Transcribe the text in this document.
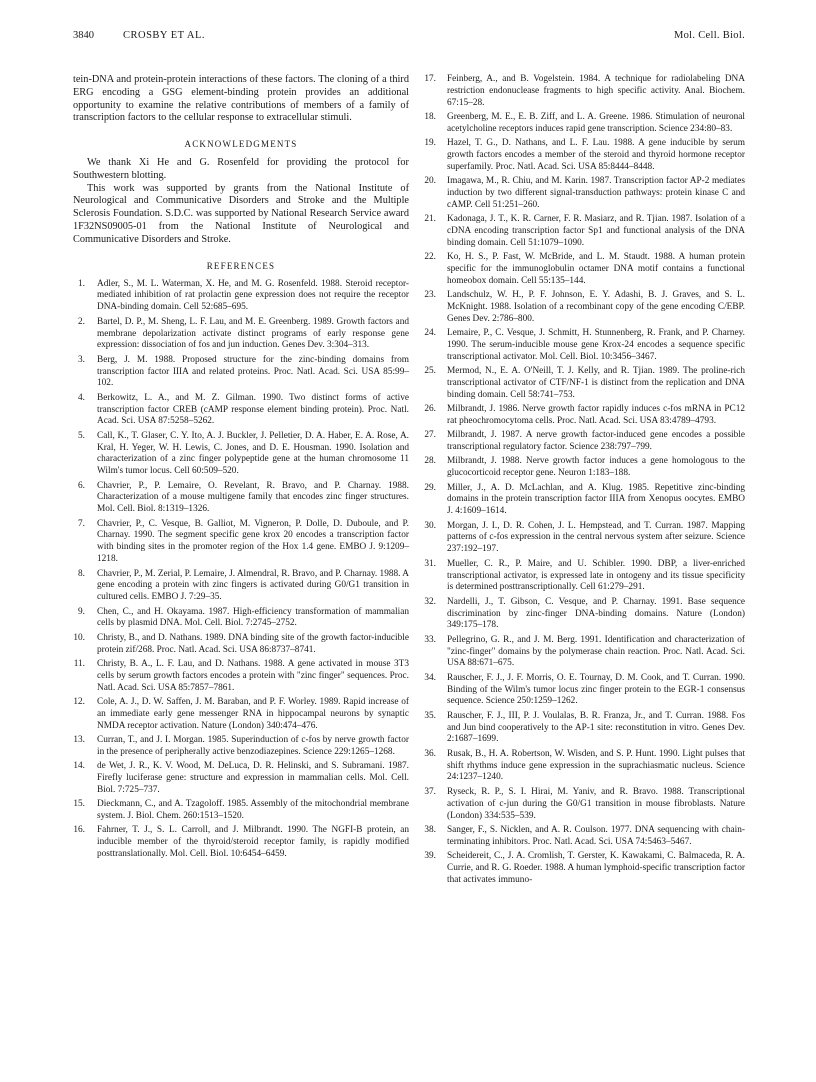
3840	CROSBY ET AL.	Mol. Cell. Biol.

tein-DNA and protein-protein interactions of these factors. The cloning of a third ERG encoding a GSG element-binding protein provides an additional opportunity to examine the relative contributions of members of a family of transcription factors to the cellular response to extracellular stimuli.

ACKNOWLEDGMENTS

We thank Xi He and G. Rosenfeld for providing the protocol for Southwestern blotting.

This work was supported by grants from the National Institute of Neurological and Communicative Disorders and Stroke and the Multiple Sclerosis Foundation. S.D.C. was supported by National Research Service award 1F32NS09005-01 from the National Institute of Neurological and Communicative Disorders and Stroke.

REFERENCES
1. Adler, S., M. L. Waterman, X. He, and M. G. Rosenfeld. 1988. Steroid receptor-mediated inhibition of rat prolactin gene expression does not require the receptor DNA-binding domain. Cell 52:685–695.
2. Bartel, D. P., M. Sheng, L. F. Lau, and M. E. Greenberg. 1989. Growth factors and membrane depolarization activate distinct programs of early response gene expression: dissociation of fos and jun induction. Genes Dev. 3:304–313.
3. Berg, J. M. 1988. Proposed structure for the zinc-binding domains from transcription factor IIIA and related proteins. Proc. Natl. Acad. Sci. USA 85:99–102.
4. Berkowitz, L. A., and M. Z. Gilman. 1990. Two distinct forms of active transcription factor CREB (cAMP response element binding protein). Proc. Natl. Acad. Sci. USA 87:5258–5262.
5. Call, K., T. Glaser, C. Y. Ito, A. J. Buckler, J. Pelletier, D. A. Haber, E. A. Rose, A. Kral, H. Yeger, W. H. Lewis, C. Jones, and D. E. Housman. 1990. Isolation and characterization of a zinc finger polypeptide gene at the human chromosome 11 Wilm's tumor locus. Cell 60:509–520.
6. Chavrier, P., P. Lemaire, O. Revelant, R. Bravo, and P. Charnay. 1988. Characterization of a mouse multigene family that encodes zinc finger structures. Mol. Cell. Biol. 8:1319–1326.
7. Chavrier, P., C. Vesque, B. Galliot, M. Vigneron, P. Dolle, D. Duboule, and P. Charnay. 1990. The segment specific gene krox 20 encodes a transcription factor with binding sites in the promoter region of the Hox 1.4 gene. EMBO J. 9:1209–1218.
8. Chavrier, P., M. Zerial, P. Lemaire, J. Almendral, R. Bravo, and P. Charnay. 1988. A gene encoding a protein with zinc fingers is activated during G0/G1 transition in cultured cells. EMBO J. 7:29–35.
9. Chen, C., and H. Okayama. 1987. High-efficiency transformation of mammalian cells by plasmid DNA. Mol. Cell. Biol. 7:2745–2752.
10. Christy, B., and D. Nathans. 1989. DNA binding site of the growth factor-inducible protein zif/268. Proc. Natl. Acad. Sci. USA 86:8737–8741.
11. Christy, B. A., L. F. Lau, and D. Nathans. 1988. A gene activated in mouse 3T3 cells by serum growth factors encodes a protein with "zinc finger" sequences. Proc. Natl. Acad. Sci. USA 85:7857–7861.
12. Cole, A. J., D. W. Saffen, J. M. Baraban, and P. F. Worley. 1989. Rapid increase of an immediate early gene messenger RNA in hippocampal neurons by synaptic NMDA receptor activation. Nature (London) 340:474–476.
13. Curran, T., and J. I. Morgan. 1985. Superinduction of c-fos by nerve growth factor in the presence of peripherally active benzodiazepines. Science 229:1265–1268.
14. de Wet, J. R., K. V. Wood, M. DeLuca, D. R. Helinski, and S. Subramani. 1987. Firefly luciferase gene: structure and expression in mammalian cells. Mol. Cell. Biol. 7:725–737.
15. Dieckmann, C., and A. Tzagoloff. 1985. Assembly of the mitochondrial membrane system. J. Biol. Chem. 260:1513–1520.
16. Fahrner, T. J., S. L. Carroll, and J. Milbrandt. 1990. The NGFI-B protein, an inducible member of the thyroid/steroid receptor family, is rapidly modified posttranslationally. Mol. Cell. Biol. 10:6454–6459.
17. Feinberg, A., and B. Vogelstein. 1984. A technique for radiolabeling DNA restriction endonuclease fragments to high specific activity. Anal. Biochem. 67:15–28.
18. Greenberg, M. E., E. B. Ziff, and L. A. Greene. 1986. Stimulation of neuronal acetylcholine receptors induces rapid gene transcription. Science 234:80–83.
19. Hazel, T. G., D. Nathans, and L. F. Lau. 1988. A gene inducible by serum growth factors encodes a member of the steroid and thyroid hormone receptor superfamily. Proc. Natl. Acad. Sci. USA 85:8444–8448.
20. Imagawa, M., R. Chiu, and M. Karin. 1987. Transcription factor AP-2 mediates induction by two different signal-transduction pathways: protein kinase C and cAMP. Cell 51:251–260.
21. Kadonaga, J. T., K. R. Carner, F. R. Masiarz, and R. Tjian. 1987. Isolation of a cDNA encoding transcription factor Sp1 and functional analysis of the DNA binding domain. Cell 51:1079–1090.
22. Ko, H. S., P. Fast, W. McBride, and L. M. Staudt. 1988. A human protein specific for the immunoglobulin octamer DNA motif contains a functional homeobox domain. Cell 55:135–144.
23. Landschulz, W. H., P. F. Johnson, E. Y. Adashi, B. J. Graves, and S. L. McKnight. 1988. Isolation of a recombinant copy of the gene encoding C/EBP. Genes Dev. 2:786–800.
24. Lemaire, P., C. Vesque, J. Schmitt, H. Stunnenberg, R. Frank, and P. Charney. 1990. The serum-inducible mouse gene Krox-24 encodes a sequence specific transcriptional activator. Mol. Cell. Biol. 10:3456–3467.
25. Mermod, N., E. A. O'Neill, T. J. Kelly, and R. Tjian. 1989. The proline-rich transcriptional activator of CTF/NF-1 is distinct from the replication and DNA binding domain. Cell 58:741–753.
26. Milbrandt, J. 1986. Nerve growth factor rapidly induces c-fos mRNA in PC12 rat pheochromocytoma cells. Proc. Natl. Acad. Sci. USA 83:4789–4793.
27. Milbrandt, J. 1987. A nerve growth factor-induced gene encodes a possible transcriptional regulatory factor. Science 238:797–799.
28. Milbrandt, J. 1988. Nerve growth factor induces a gene homologous to the glucocorticoid receptor gene. Neuron 1:183–188.
29. Miller, J., A. D. McLachlan, and A. Klug. 1985. Repetitive zinc-binding domains in the protein transcription factor IIIA from Xenopus oocytes. EMBO J. 4:1609–1614.
30. Morgan, J. I., D. R. Cohen, J. L. Hempstead, and T. Curran. 1987. Mapping patterns of c-fos expression in the central nervous system after seizure. Science 237:192–197.
31. Mueller, C. R., P. Maire, and U. Schibler. 1990. DBP, a liver-enriched transcriptional activator, is expressed late in ontogeny and its tissue specificity is determined posttranscriptionally. Cell 61:279–291.
32. Nardelli, J., T. Gibson, C. Vesque, and P. Charnay. 1991. Base sequence discrimination by zinc-finger DNA-binding domains. Nature (London) 349:175–178.
33. Pellegrino, G. R., and J. M. Berg. 1991. Identification and characterization of "zinc-finger" domains by the polymerase chain reaction. Proc. Natl. Acad. Sci. USA 88:671–675.
34. Rauscher, F. J., J. F. Morris, O. E. Tournay, D. M. Cook, and T. Curran. 1990. Binding of the Wilm's tumor locus zinc finger protein to the EGR-1 consensus sequence. Science 250:1259–1262.
35. Rauscher, F. J., III, P. J. Voulalas, B. R. Franza, Jr., and T. Curran. 1988. Fos and Jun bind cooperatively to the AP-1 site: reconstitution in vitro. Genes Dev. 2:1687–1699.
36. Rusak, B., H. A. Robertson, W. Wisden, and S. P. Hunt. 1990. Light pulses that shift rhythms induce gene expression in the suprachiasmatic nucleus. Science 24:1237–1240.
37. Ryseck, R. P., S. I. Hirai, M. Yaniv, and R. Bravo. 1988. Transcriptional activation of c-jun during the G0/G1 transition in mouse fibroblasts. Nature (London) 334:535–539.
38. Sanger, F., S. Nicklen, and A. R. Coulson. 1977. DNA sequencing with chain-terminating inhibitors. Proc. Natl. Acad. Sci. USA 74:5463–5467.
39. Scheidereit, C., J. A. Cromlish, T. Gerster, K. Kawakami, C. Balmaceda, R. A. Currie, and R. G. Roeder. 1988. A human lymphoid-specific transcription factor that activates immuno-
